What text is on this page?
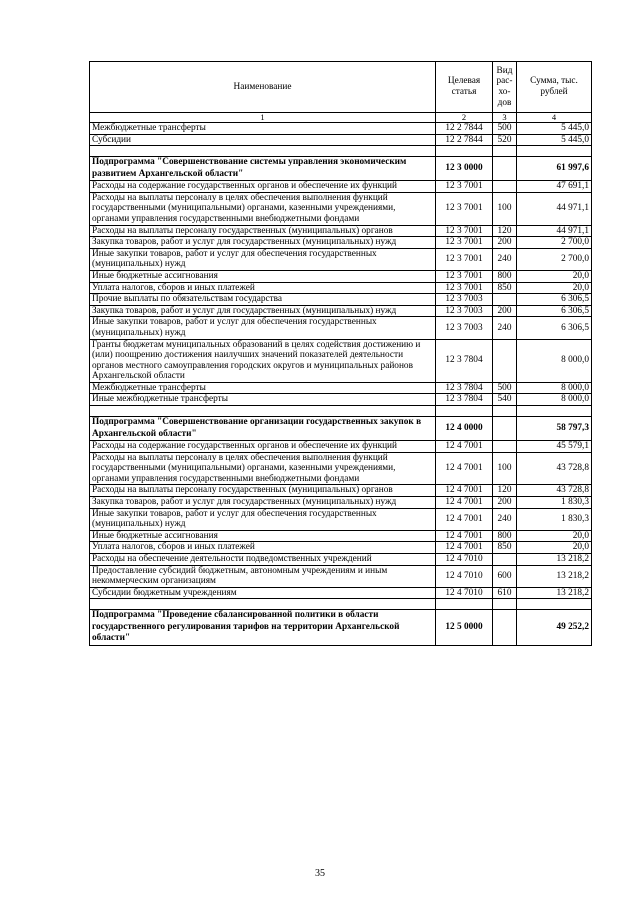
Наименование	Целевая статья	Вид рас-хо-дов	Сумма, тыс. рублей
1	2	3	4
Межбюджетные трансферты	12 2 7844	500	5 445,0
Субсидии	12 2 7844	520	5 445,0

Подпрограмма "Совершенствование системы управления экономическим развитием Архангельской области"	12 3 0000		61 997,6
Расходы на содержание государственных органов и обеспечение их функций	12 3 7001		47 691,1
Расходы на выплаты персоналу в целях обеспечения выполнения функций государственными (муниципальными) органами, казенными учреждениями, органами управления государственными внебюджетными фондами	12 3 7001	100	44 971,1
Расходы на выплаты персоналу государственных (муниципальных) органов	12 3 7001	120	44 971,1
Закупка товаров, работ и услуг для государственных (муниципальных) нужд	12 3 7001	200	2 700,0
Иные закупки товаров, работ и услуг для обеспечения государственных (муниципальных) нужд	12 3 7001	240	2 700,0
Иные бюджетные ассигнования	12 3 7001	800	20,0
Уплата налогов, сборов и иных платежей	12 3 7001	850	20,0
Прочие выплаты по обязательствам государства	12 3 7003		6 306,5
Закупка товаров, работ и услуг для государственных (муниципальных) нужд	12 3 7003	200	6 306,5
Иные закупки товаров, работ и услуг для обеспечения государственных (муниципальных) нужд	12 3 7003	240	6 306,5
Гранты бюджетам муниципальных образований в целях содействия достижению и (или) поощрению достижения наилучших значений показателей деятельности органов местного самоуправления городских округов и муниципальных районов Архангельской области	12 3 7804		8 000,0
Межбюджетные трансферты	12 3 7804	500	8 000,0
Иные межбюджетные трансферты	12 3 7804	540	8 000,0

Подпрограмма "Совершенствование организации государственных закупок в Архангельской области"	12 4 0000		58 797,3
Расходы на содержание государственных органов и обеспечение их функций	12 4 7001		45 579,1
Расходы на выплаты персоналу в целях обеспечения выполнения функций государственными (муниципальными) органами, казенными учреждениями, органами управления государственными внебюджетными фондами	12 4 7001	100	43 728,8
Расходы на выплаты персоналу государственных (муниципальных) органов	12 4 7001	120	43 728,8
Закупка товаров, работ и услуг для государственных (муниципальных) нужд	12 4 7001	200	1 830,3
Иные закупки товаров, работ и услуг для обеспечения государственных (муниципальных) нужд	12 4 7001	240	1 830,3
Иные бюджетные ассигнования	12 4 7001	800	20,0
Уплата налогов, сборов и иных платежей	12 4 7001	850	20,0
Расходы на обеспечение деятельности подведомственных учреждений	12 4 7010		13 218,2
Предоставление субсидий бюджетным, автономным учреждениям и иным некоммерческим организациям	12 4 7010	600	13 218,2
Субсидии бюджетным учреждениям	12 4 7010	610	13 218,2

Подпрограмма "Проведение сбалансированной политики в области государственного регулирования тарифов на территории Архангельской области"	12 5 0000		49 252,2
35
